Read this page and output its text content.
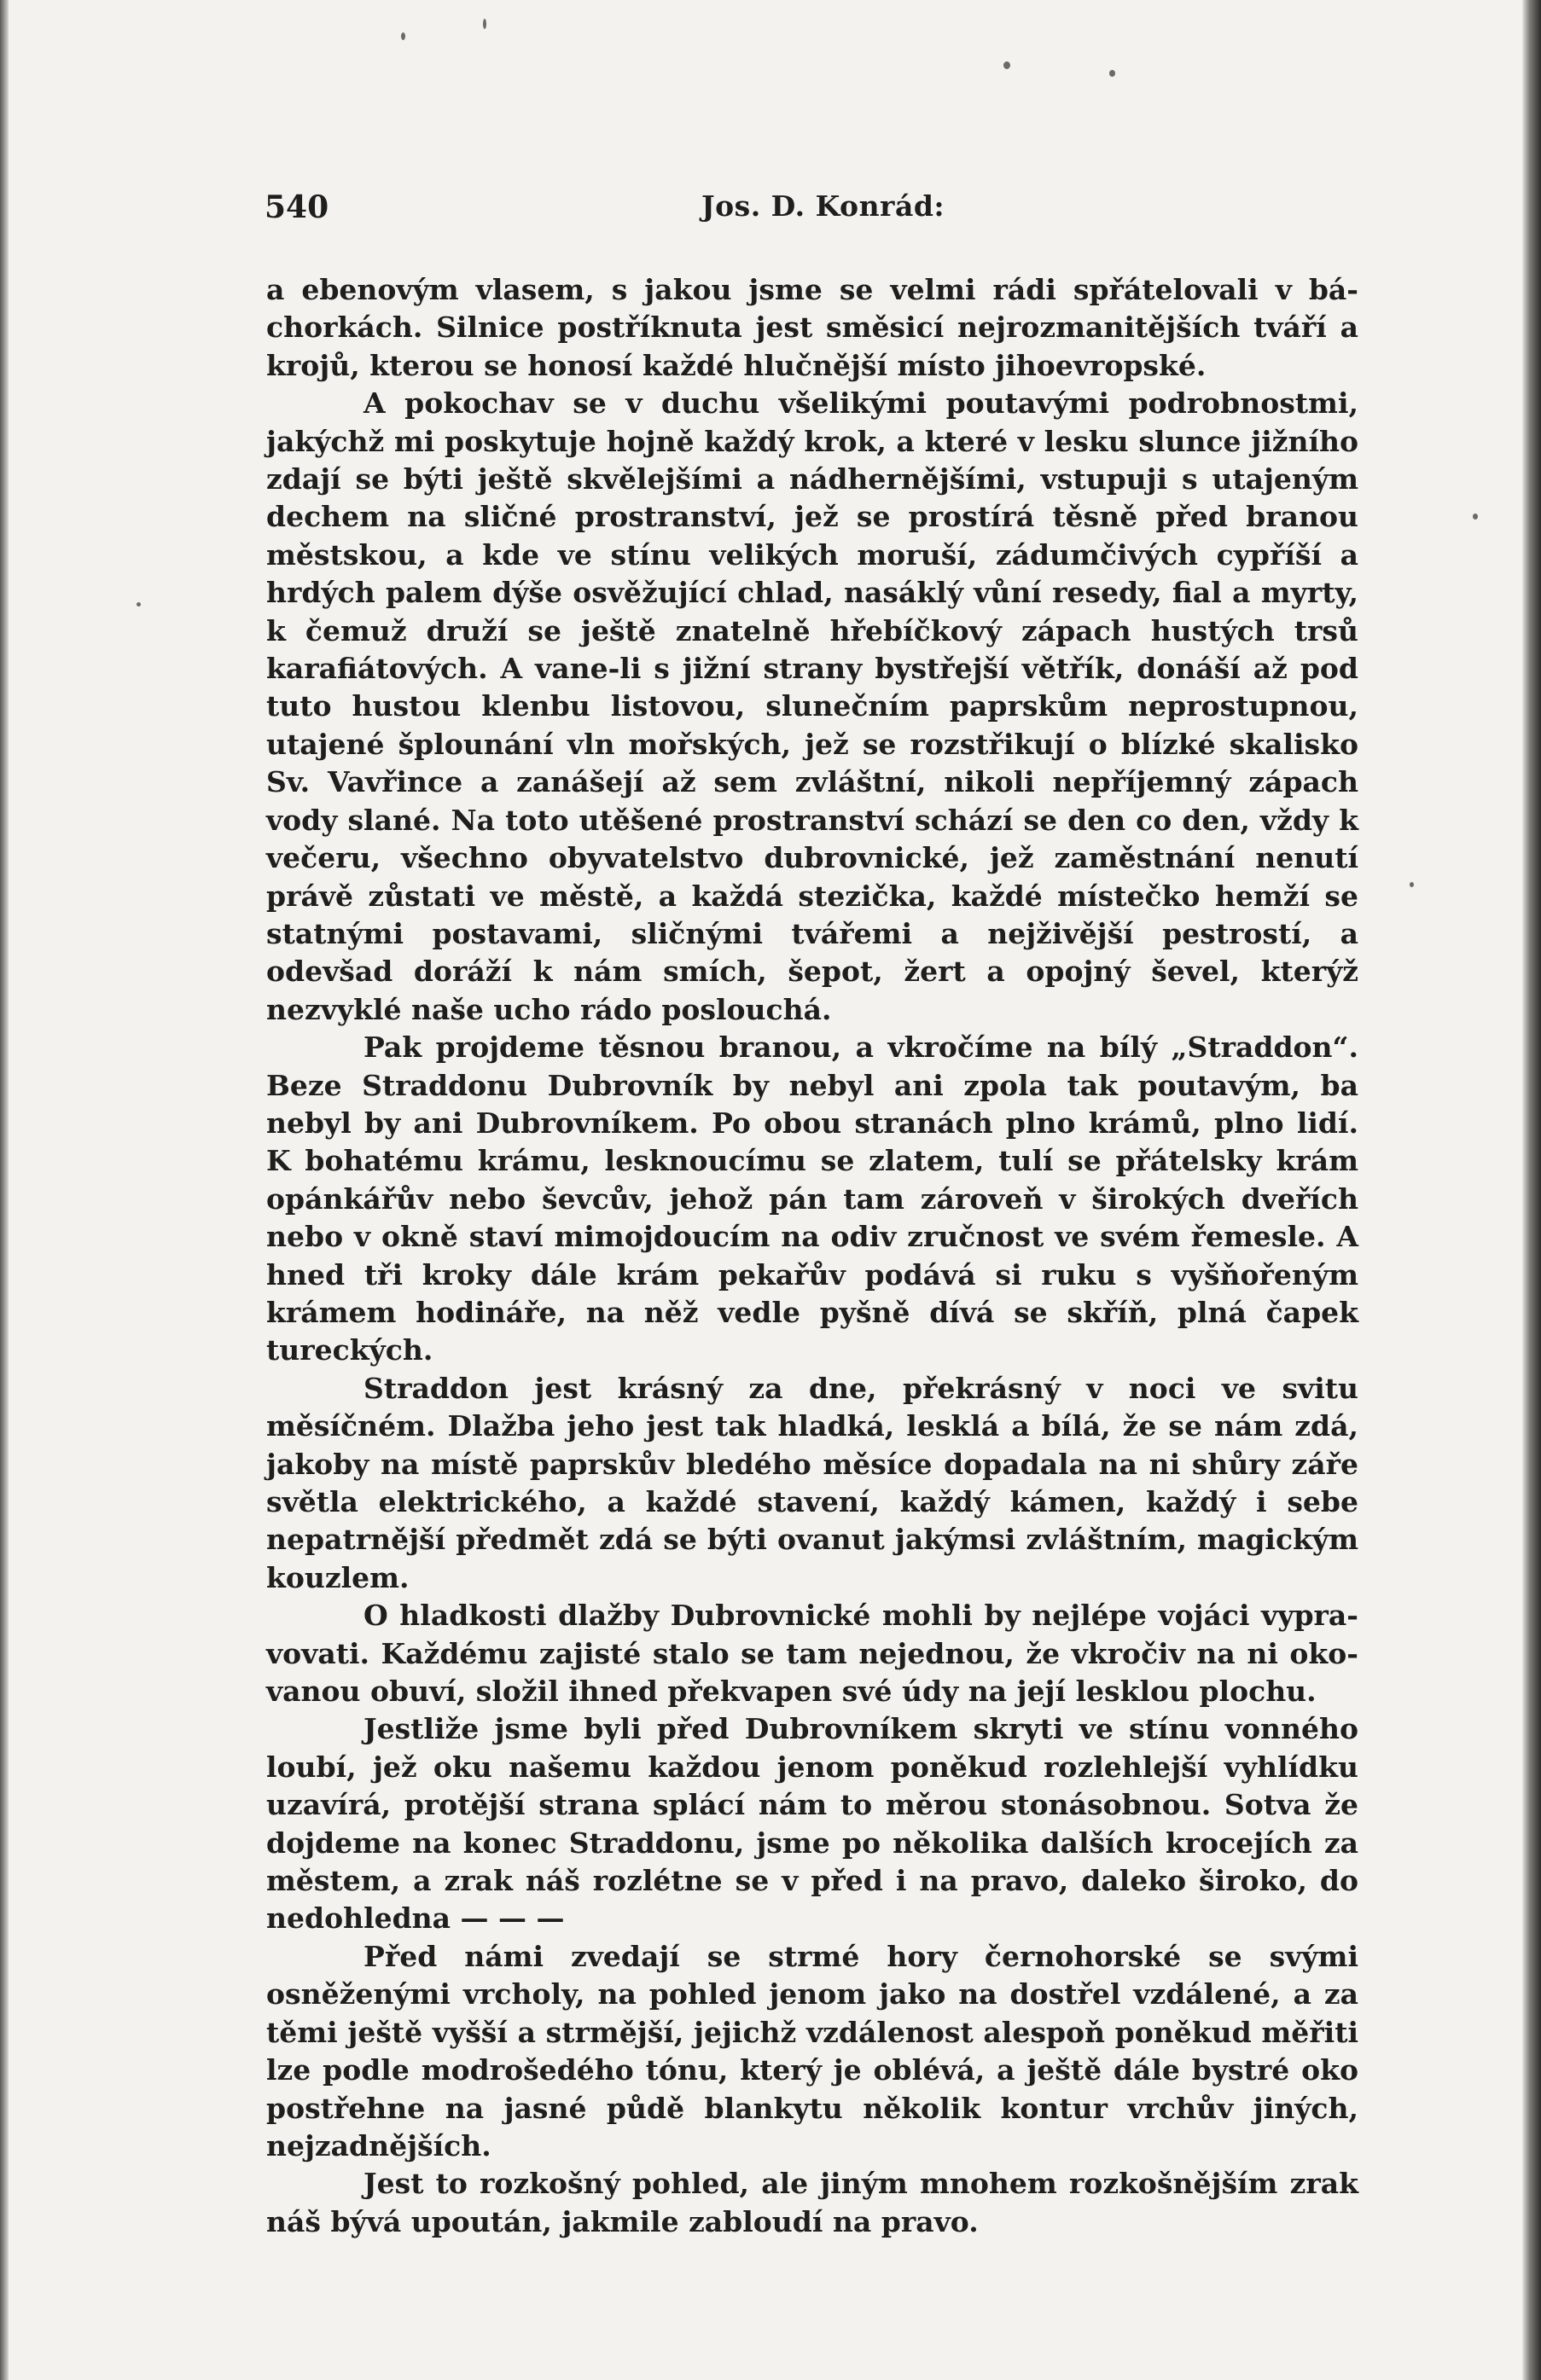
540	Jos. D. Konrád:

a ebenovým vlasem, s jakou jsme se velmi rádi spřátelovali v báchorkách. Silnice postříknuta jest směsicí nejrozmanitějších tváří a krojů, kterou se honosí každé hlučnější místo jihoevropské.

A pokochav se v duchu všelikými poutavými podrobnostmi, jakýchž mi poskytuje hojně každý krok, a které v lesku slunce jižního zdají se býti ještě skvělejšími a nádhernějšími, vstupuji s utajeným dechem na sličné prostranství, jež se prostírá těsně před branou městskou, a kde ve stínu velikých moruší, zádumčivých cypříší a hrdých palem dýše osvěžující chlad, nasáklý vůní resedy, fial a myrty, k čemuž druží se ještě znatelně hřebíčkový zápach hustých trsů karafiátových. A vane-li s jižní strany bystřejší větřík, donáší až pod tuto hustou klenbu listovou, slunečním paprskům neprostupnou, utajené šplounání vln mořských, jež se rozstřikují o blízké skalisko Sv. Vavřince a zanášejí až sem zvláštní, nikoli nepříjemný zápach vody slané. Na toto utěšené prostranství schází se den co den, vždy k večeru, všechno obyvatelstvo dubrovnické, jež zaměstnání nenutí právě zůstati ve městě, a každá stezička, každé místečko hemží se statnými postavami, sličnými tvářemi a nejživější pestrostí, a odevšad doráží k nám smích, šepot, žert a opojný ševel, kterýž nezvyklé naše ucho rádo poslouchá.

Pak projdeme těsnou branou, a vkročíme na bílý „Straddon“. Beze Straddonu Dubrovník by nebyl ani zpola tak poutavým, ba nebyl by ani Dubrovníkem. Po obou stranách plno krámů, plno lidí. K bohatému krámu, lesknoucímu se zlatem, tulí se přátelsky krám opánkářův nebo ševcův, jehož pán tam zároveň v širokých dveřích nebo v okně staví mimojdoucím na odiv zručnost ve svém řemesle. A hned tři kroky dále krám pekařův podává si ruku s vyšňořeným krámem hodináře, na něž vedle pyšně dívá se skříň, plná čapek tureckých.

Straddon jest krásný za dne, překrásný v noci ve svitu měsíčném. Dlažba jeho jest tak hladká, lesklá a bílá, že se nám zdá, jakoby na místě paprskův bledého měsíce dopadala na ni shůry záře světla elektrického, a každé stavení, každý kámen, každý i sebe nepatrnější předmět zdá se býti ovanut jakýmsi zvláštním, magickým kouzlem.

O hladkosti dlažby Dubrovnické mohli by nejlépe vojáci vypravovati. Každému zajisté stalo se tam nejednou, že vkročiv na ni okovanou obuví, složil ihned překvapen své údy na její lesklou plochu.

Jestliže jsme byli před Dubrovníkem skryti ve stínu vonného loubí, jež oku našemu každou jenom poněkud rozlehlejší vyhlídku uzavírá, protější strana splácí nám to měrou stonásobnou. Sotva že dojdeme na konec Straddonu, jsme po několika dalších krocejích za městem, a zrak náš rozlétne se v před i na pravo, daleko široko, do nedohledna — — —

Před námi zvedají se strmé hory černohorské se svými osněženými vrcholy, na pohled jenom jako na dostřel vzdálené, a za těmi ještě vyšší a strmější, jejichž vzdálenost alespoň poněkud měřiti lze podle modrošedého tónu, který je oblévá, a ještě dále bystré oko postřehne na jasné půdě blankytu několik kontur vrchův jiných, nejzadnějších.

Jest to rozkošný pohled, ale jiným mnohem rozkošnějším zrak náš bývá upoután, jakmile zabloudí na pravo.
